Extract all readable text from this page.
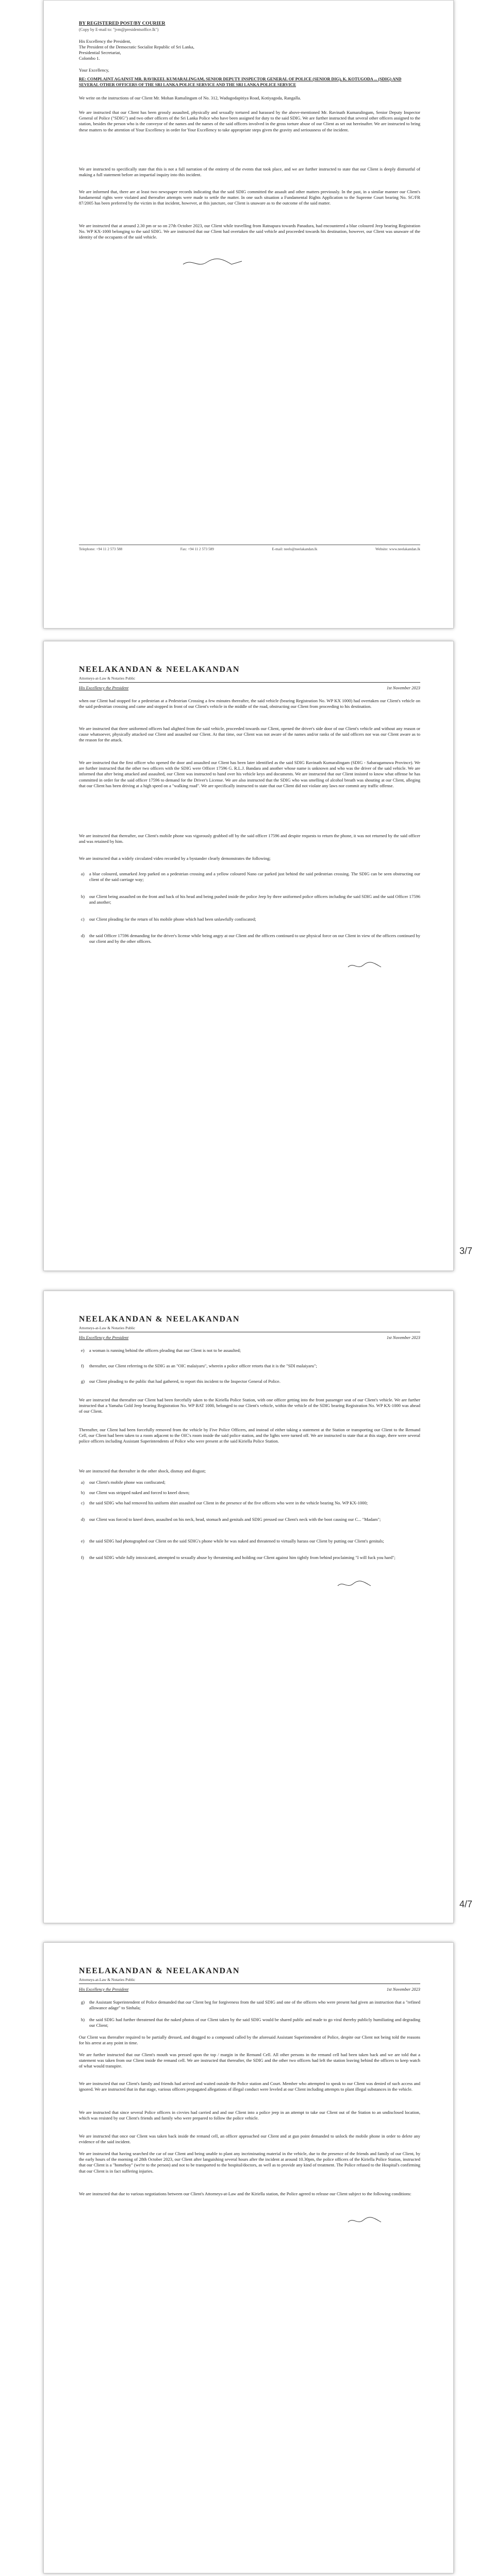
BY REGISTERED POST/BY COURIER
(Copy by E-mail to: "jvm@presidentsoffice.lk")
His Excellency the President,
The President of the Democratic Socialist Republic of Sri Lanka,
Presidential Secretariat,
Colombo 1.
Your Excellency,
RE: COMPLAINT AGAINST MR. RAVIKEEL KUMARALINGAM, SENIOR DEPUTY INSPECTOR GENERAL OF POLICE (SENIOR DIG), K. KOTUGODA ... (SDIG) AND SEVERAL OTHER OFFICERS OF THE SRI LANKA POLICE SERVICE AND THE SRI LANKA POLICE SERVICE

We write on the instructions of our Client Mr. Mohan Ramalingam of No. 312, Wadugodapitiya Road, Kotiyagoda, Rangalla.

We are instructed that our Client has been grossly assaulted, physically and sexually tortured and harassed by the above-mentioned Mr. Ravinath Kumaralingam, Senior Deputy Inspector General of Police ("SDIG") and two other officers of the Sri Lanka Police who have been assigned for duty to the said SDIG. We are further instructed that several other officers assigned to the station, besides the person who is the conveyor of the names and the names of the said officers involved in the gross torture abuse of our Client as set out hereinafter. We are instructed to bring these matters to the attention of Your Excellency in order for Your Excellency to take appropriate steps given the gravity and seriousness of the incident.

We are instructed to specifically state that this is not a full narration of the entirety of the events that took place, and we are further instructed to state that our Client is deeply distrustful of making a full statement before an impartial inquiry into this incident.

We are informed that, there are at least two newspaper records indicating that the said SDIG committed the assault and other matters previously. In the past, in a similar manner our Client's fundamental rights were violated and thereafter attempts were made to settle the matter. In one such situation a Fundamental Rights Application to the Supreme Court bearing No. SC/FR 87/2005 has been preferred by the victim in that incident, however, at this juncture, our Client is unaware as to the outcome of the said matter.

We are instructed that at around 2.30 pm or so on 27th October 2023, our Client while travelling from Ratnapura towards Panadura, had encountered a blue coloured Jeep bearing Registration No. WP KX-1000 belonging to the said SDIG. We are instructed that our Client had overtaken the said vehicle and proceeded towards his destination, however, our Client was unaware of the identity of the occupants of the said vehicle.

Telephone: +94 11 2 573 588	Fax: +94 11 2 573 589	E-mail: neels@neelakandan.lk	Website: www.neelakandan.lk
NEELAKANDAN & NEELAKANDAN
Attorneys-at-Law & Notaries Public
His Excellency the President	1st November 2023

when our Client had stopped for a pedestrian at a Pedestrian Crossing a few minutes thereafter, the said vehicle (bearing Registration No. WP KX 1000) had overtaken our Client's vehicle on the said pedestrian crossing and came and stopped in front of our Client's vehicle in the middle of the road, obstructing our Client from proceeding to his destination.

We are instructed that three uniformed officers had alighted from the said vehicle, proceeded towards our Client, opened the driver's side door of our Client's vehicle and without any reason or cause whatsoever, physically attacked our Client and assaulted our Client. At that time, our Client was not aware of the names and/or ranks of the said officers nor was our Client aware as to the reason for the attack.

We are instructed that the first officer who opened the door and assaulted our Client has been later identified as the said SDIG Ravinath Kumaralingam (SDIG - Sabaragamuwa Province). We are further instructed that the other two officers with the SDIG were Officer 17596 G. R.L.J. Bandara and another whose name is unknown and who was the driver of the said vehicle. We are informed that after being attacked and assaulted, our Client was instructed to hand over his vehicle keys and documents. We are instructed that our Client insisted to know what offense he has committed in order for the said officer 17596 to demand for the Driver's License. We are also instructed that the SDIG who was smelling of alcohol breath was shouting at our Client, alleging that our Client has been driving at a high speed on a "walking road". We are specifically instructed to state that our Client did not violate any laws nor commit any traffic offense.

We are instructed that thereafter, our Client's mobile phone was vigorously grabbed off by the said officer 17596 and despite requests to return the phone, it was not returned by the said officer and was retained by him.

We are instructed that a widely circulated video recorded by a bystander clearly demonstrates the following;

a) a blue coloured, unmarked Jeep parked on a pedestrian crossing and a yellow coloured Nano car parked just behind the said pedestrian crossing. The SDIG can be seen obstructing our client of the said carriage way;

b) our Client being assaulted on the front and back of his head and being pushed inside the police Jeep by three uniformed police officers including the said SDIG and the said Officer 17596 and another;

c) our Client pleading for the return of his mobile phone which had been unlawfully confiscated;

d) the said Officer 17596 demanding for the driver's license while being angry at our Client and the officers continued to use physical force on our Client in view of the officers continued by our client and by the other officers.

3/7
NEELAKANDAN & NEELAKANDAN
Attorneys-at-Law & Notaries Public
His Excellency the President	1st November 2023

e) a woman is running behind the officers pleading that our Client is not to be assaulted;

f) thereafter, our Client referring to the SDIG as an "OIC malaiyaru", wherein a police officer retorts that it is the "SDI malaiyaru";

g) our Client pleading to the public that had gathered, to report this incident to the Inspector General of Police.

We are instructed that thereafter our Client had been forcefully taken to the Kiriella Police Station, with one officer getting into the front passenger seat of our Client's vehicle. We are further instructed that a Yamaha Gold Jeep bearing Registration No. WP BAT 1000, belonged to our Client's vehicle, within the vehicle of the SDIG bearing Registration No. WP KX-1000 was ahead of our Client.

Thereafter, our Client had been forcefully removed from the vehicle by Five Police Officers, and instead of either taking a statement at the Station or transporting our Client to the Remand Cell, our Client had been taken to a room adjacent to the OIC's room inside the said police station, and the lights were turned off. We are instructed to state that at this stage, there were several police officers including Assistant Superintendents of Police who were present at the said Kiriella Police Station.

We are instructed that thereafter in the other shock, dismay and disgust;

a) our Client's mobile phone was confiscated;

b) our Client was stripped naked and forced to kneel down;

c) the said SDIG who had removed his uniform shirt assaulted our Client in the presence of the five officers who were in the vehicle bearing No. WP KX-1000;

d) our Client was forced to kneel down, assaulted on his neck, head, stomach and genitals and SDIG pressed our Client's neck with the boot causing our C... "Madam";

e) the said SDIG had photographed our Client on the said SDIG's phone while he was naked and threatened to virtually harass our Client by putting our Client's genitals;

f) the said SDIG while fully intoxicated, attempted to sexually abuse by threatening and holding our Client against him tightly from behind proclaiming "I will fuck you hard";

4/7
NEELAKANDAN & NEELAKANDAN
Attorneys-at-Law & Notaries Public
His Excellency the President	1st November 2023

g) the Assistant Superintendent of Police demanded that our Client beg for forgiveness from the said SDIG and one of the officers who were present had given an instruction that a "refined allowance adage" to Sinhala;

h) the said SDIG had further threatened that the naked photos of our Client taken by the said SDIG would be shared public and made to go viral thereby publicly humiliating and degrading our Client;

Our Client was thereafter required to be partially dressed, and dragged to a compound called by the aforesaid Assistant Superintendent of Police, despite our Client not being told the reasons for his arrest at any point in time.

We are further instructed that our Client's mouth was pressed upon the top / margin in the Remand Cell. All other persons in the remand cell had been taken back and we are told that a statement was taken from our Client inside the remand cell. We are instructed that thereafter, the SDIG and the other two officers had left the station leaving behind the officers to keep watch of what would transpire.

We are instructed that our Client's family and friends had arrived and waited outside the Police station and Court. Member who attempted to speak to our Client was denied of such access and ignored. We are instructed that in that stage, various officers propagated allegations of illegal conduct were leveled at our Client including attempts to plant illegal substances in the vehicle.

We are instructed that since several Police officers in civvies had carried and and our Client into a police jeep in an attempt to take our Client out of the Station to an undisclosed location, which was resisted by our Client's friends and family who were prepared to follow the police vehicle.

We are instructed that once our Client was taken back inside the remand cell, an officer approached our Client and at gun point demanded to unlock the mobile phone in order to delete any evidence of the said incident.

We are instructed that having searched the car of our Client and being unable to plant any incriminating material in the vehicle, due to the presence of the friends and family of our Client, by the early hours of the morning of 28th October 2023, our Client after languishing several hours after the incident at around 10.30pm, the police officers of the Kiriella Police Station, instructed that our Client is a "homeboy" (we're to the person) and not to be transported to the hospital/doctors, as well as to provide any kind of treatment. The Police refused to the Hospital's confirming that our Client is in fact suffering injuries.

We are instructed that due to various negotiations between our Client's Attorneys-at-Law and the Kiriella station, the Police agreed to release our Client subject to the following conditions:
